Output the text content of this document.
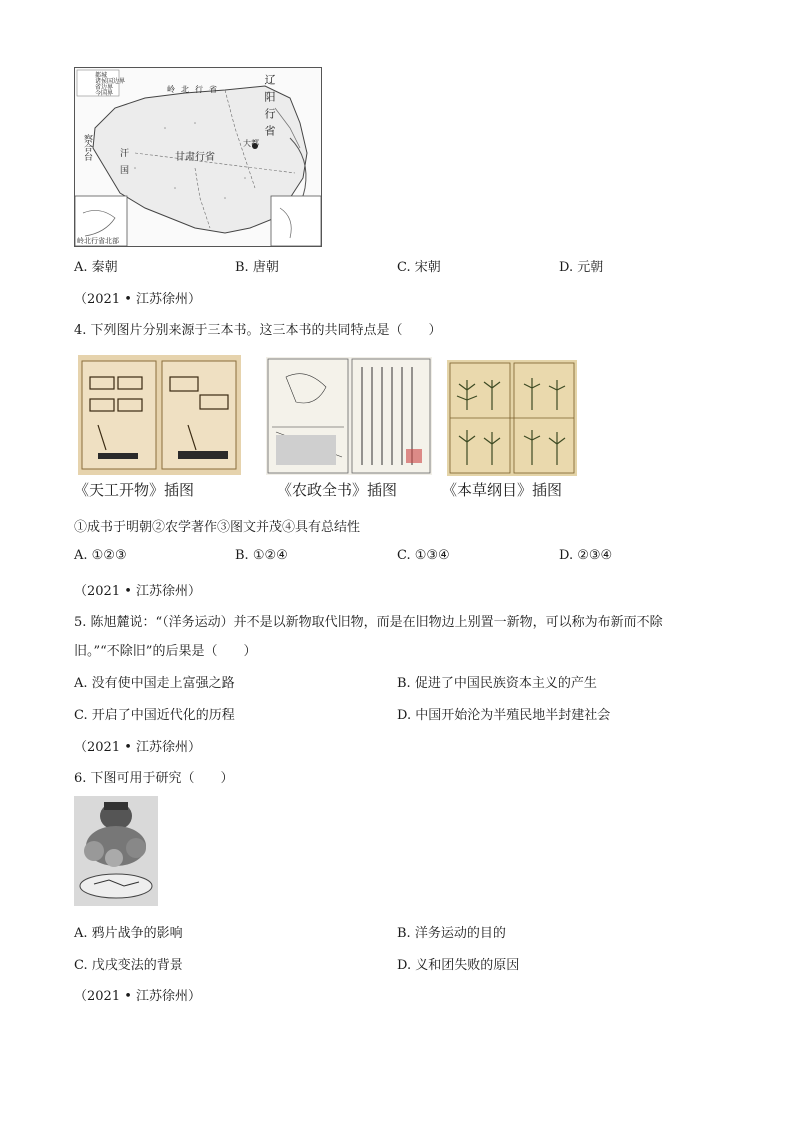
都城
诸侯国边界
省边界
今国界	辽阳行省
岭北行省
甘肃行省
大都
察合台
汗国
岭北行省北部
A. 秦朝	B. 唐朝	C. 宋朝	D. 元朝
（2021 • 江苏徐州）
4. 下列图片分别来源于三本书。这三本书的共同特点是（　　）
《天工开物》插图	《农政全书》插图	《本草纲目》插图
①成书于明朝②农学著作③图文并茂④具有总结性
A. ①②③	B. ①②④	C. ①③④	D. ②③④
（2021 • 江苏徐州）
5. 陈旭麓说：“（洋务运动）并不是以新物取代旧物，而是在旧物边上别置一新物，可以称为布新而不除
旧。”“不除旧”的后果是（　　）
A. 没有使中国走上富强之路	B. 促进了中国民族资本主义的产生
C. 开启了中国近代化的历程	D. 中国开始沦为半殖民地半封建社会
（2021 • 江苏徐州）
6. 下图可用于研究（　　）
A. 鸦片战争的影响	B. 洋务运动的目的
C. 戊戌变法的背景	D. 义和团失败的原因
（2021 • 江苏徐州）
